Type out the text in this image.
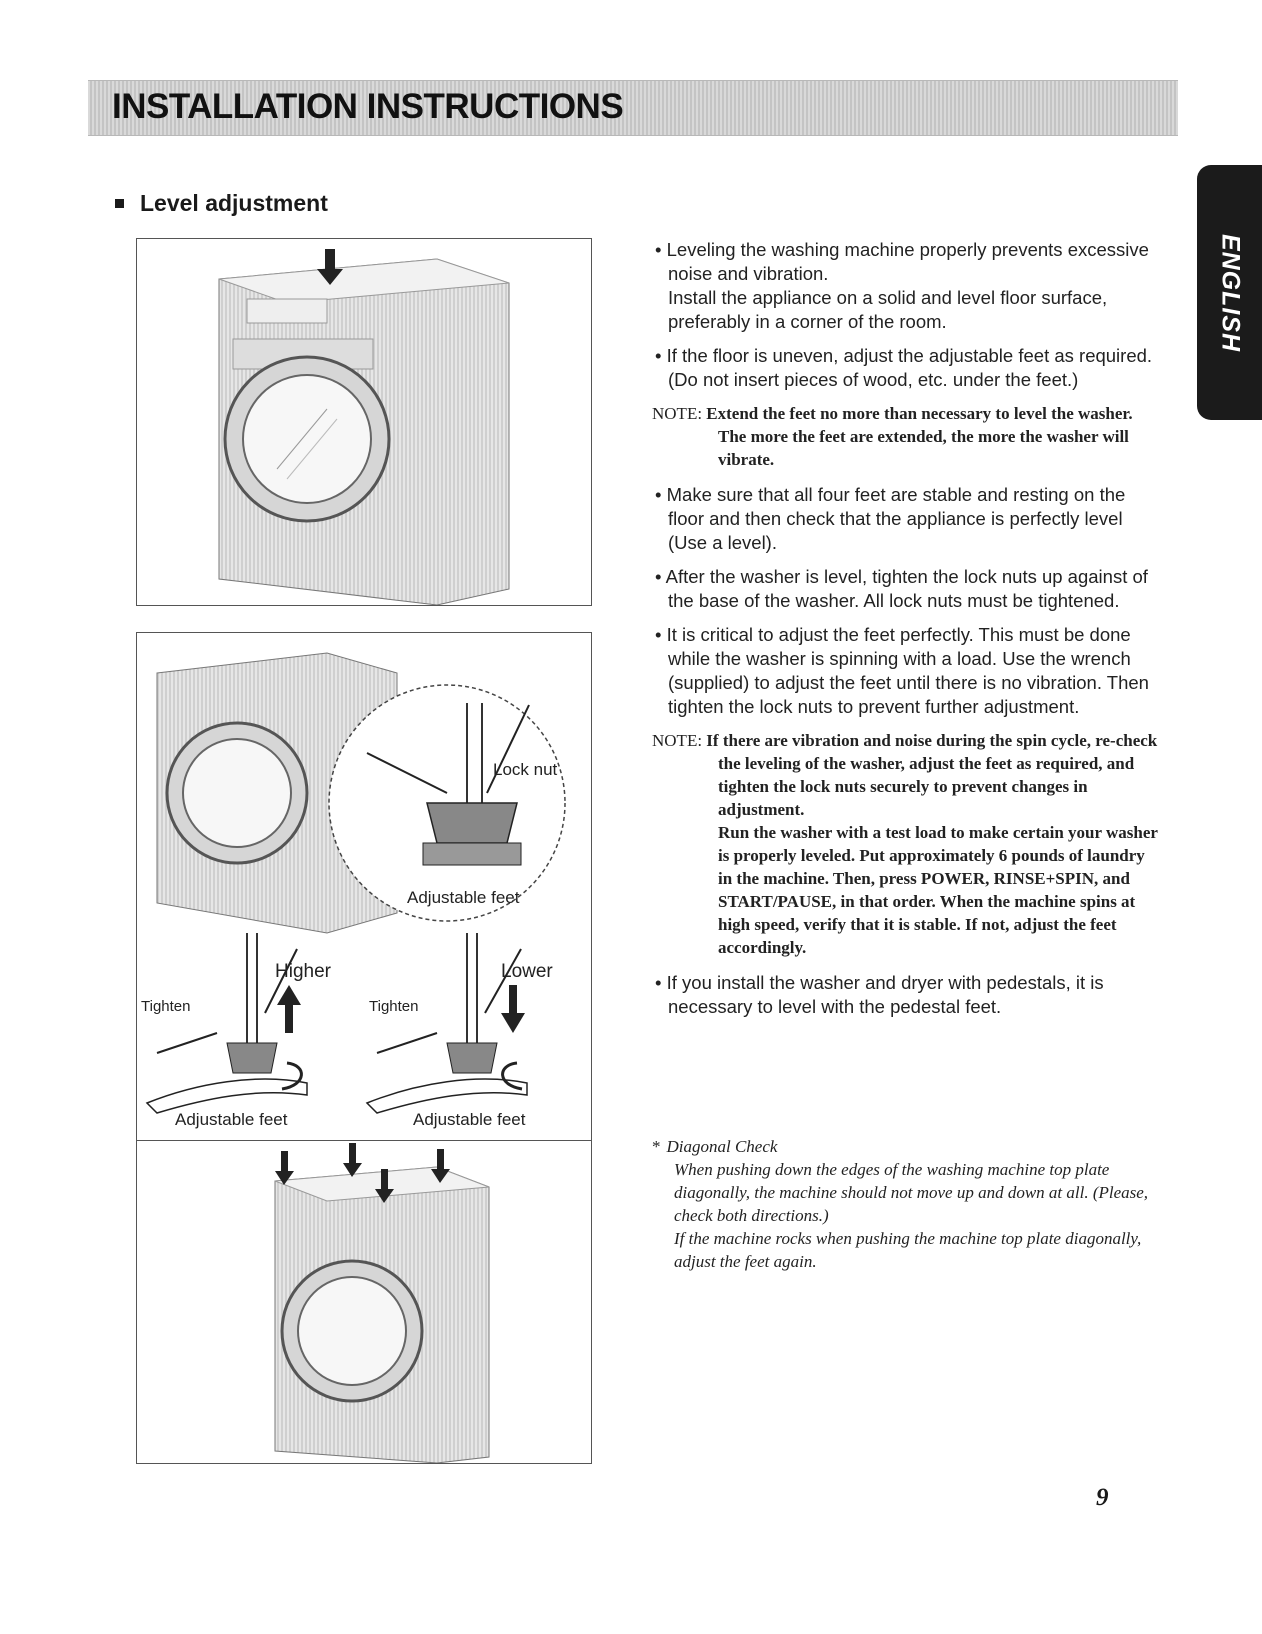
INSTALLATION INSTRUCTIONS
ENGLISH
Level adjustment
Lock nut
Adjustable feet
Higher
Tighten
Adjustable feet
Lower
Tighten
Adjustable feet
• Leveling the washing machine properly prevents excessive noise and vibration.
Install the appliance on a solid and level floor surface, preferably in a corner of the room.
• If the floor is uneven, adjust the adjustable feet as required. (Do not insert pieces of wood, etc. under the feet.)
NOTE: Extend the feet no more than necessary to level the washer. The more the feet are extended, the more the washer will vibrate.
• Make sure that all four feet are stable and resting on the floor and then check that the appliance is perfectly level (Use a level).
• After the washer is level, tighten the lock nuts up against of the base of the washer. All lock nuts must be tightened.
• It is critical to adjust the feet perfectly. This must be done while the washer is spinning with a load. Use the wrench (supplied) to adjust the feet until there is no vibration. Then tighten the lock nuts to prevent further adjustment.
NOTE: If there are vibration and noise during the spin cycle, re-check the leveling of the washer, adjust the feet as required, and tighten the lock nuts securely to prevent changes in adjustment.
Run the washer with a test load to make certain your washer is properly leveled. Put approximately 6 pounds of laundry in the machine. Then, press POWER, RINSE+SPIN, and START/PAUSE, in that order. When the machine spins at high speed, verify that it is stable. If not, adjust the feet accordingly.
• If you install the washer and dryer with pedestals, it is necessary to level with the pedestal feet.
* Diagonal Check

When pushing down the edges of the washing machine top plate diagonally, the machine should not move up and down at all. (Please, check both directions.)

If the machine rocks when pushing the machine top plate diagonally, adjust the feet again.

9
